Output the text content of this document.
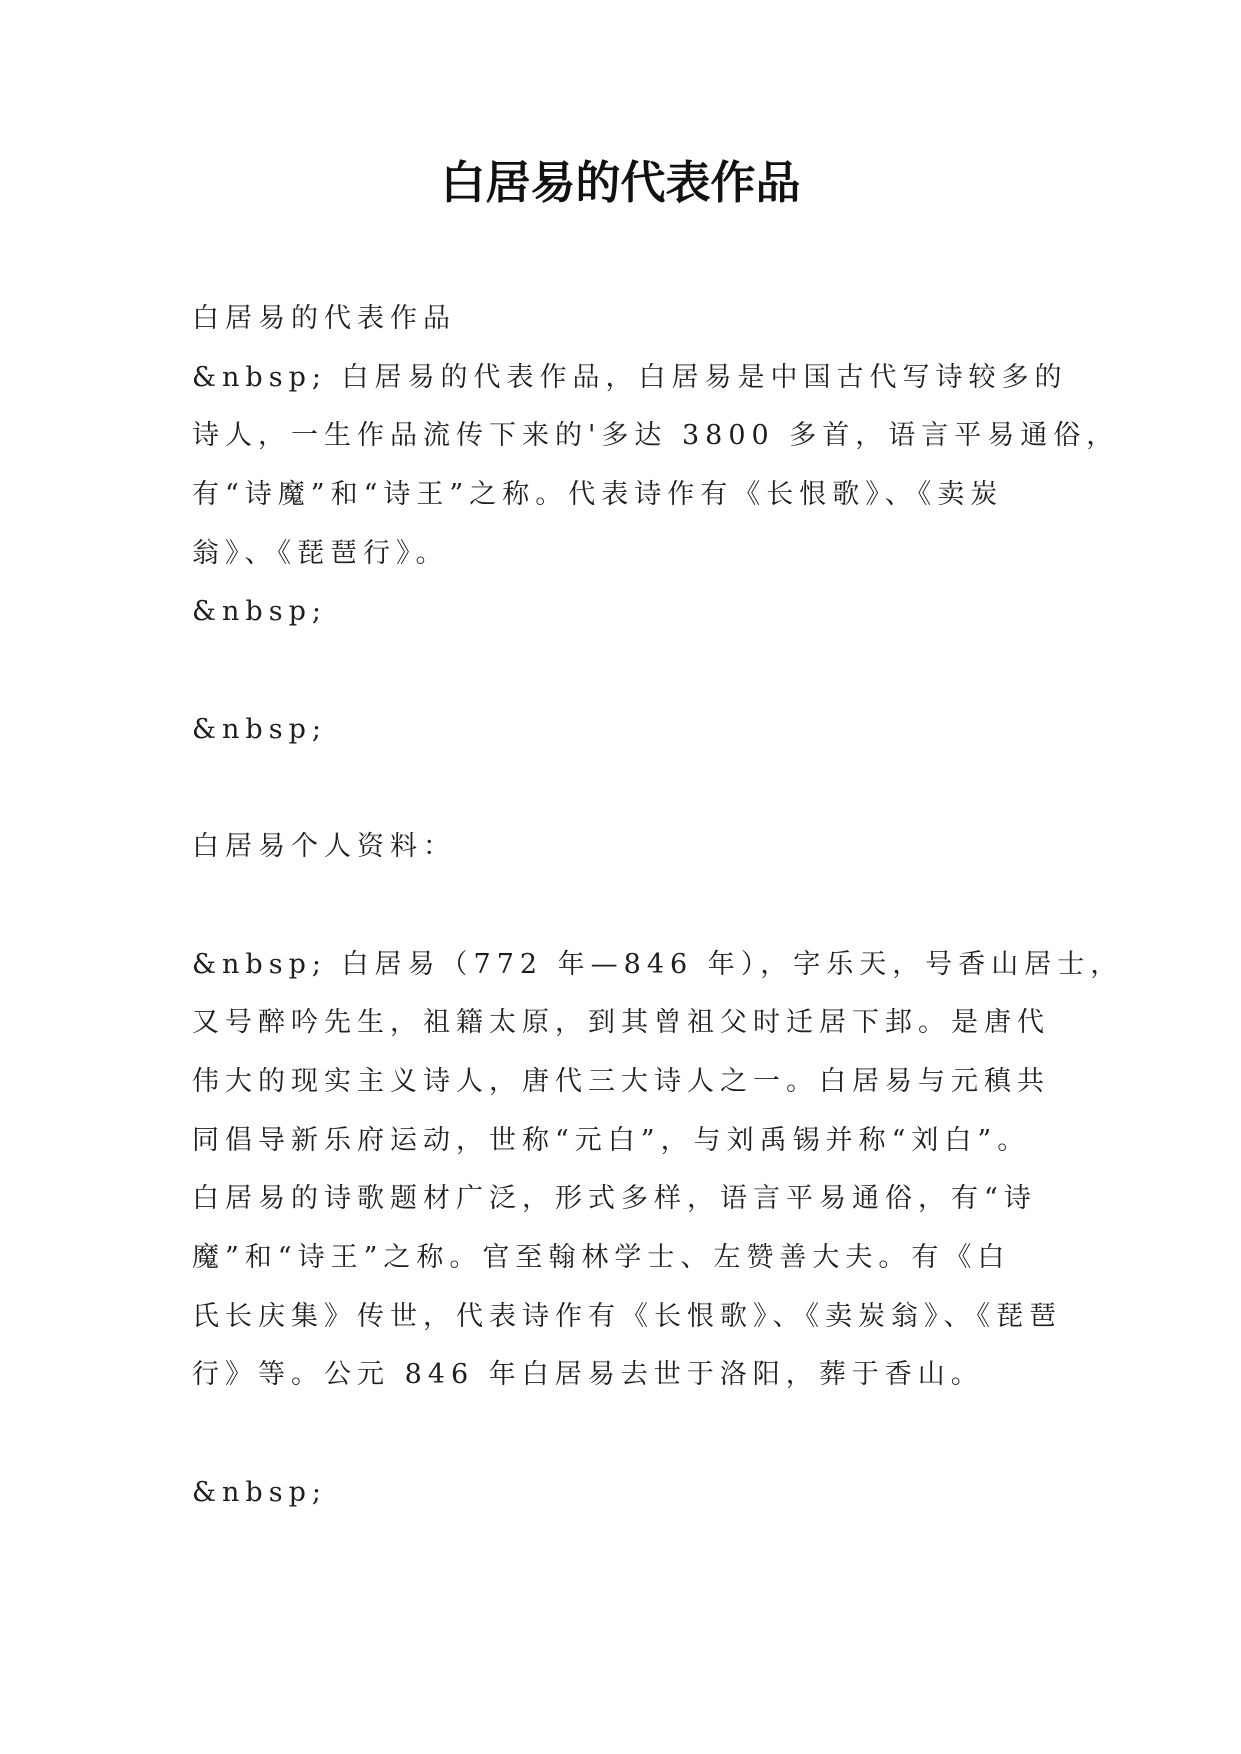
白居易的代表作品
白居易的代表作品
&nbsp; 白居易的代表作品，白居易是中国古代写诗较多的
诗人，一生作品流传下来的'多达 3800 多首，语言平易通俗，
有“诗魔”和“诗王”之称。代表诗作有《长恨歌》、《卖炭
翁》、《琵琶行》。
&nbsp;
&nbsp;
白居易个人资料：
&nbsp; 白居易（772 年—846 年），字乐天，号香山居士，
又号醉吟先生，祖籍太原，到其曾祖父时迁居下邽。是唐代
伟大的现实主义诗人，唐代三大诗人之一。白居易与元稹共
同倡导新乐府运动，世称“元白”，与刘禹锡并称“刘白”。
白居易的诗歌题材广泛，形式多样，语言平易通俗，有“诗
魔”和“诗王”之称。官至翰林学士、左赞善大夫。有《白
氏长庆集》传世，代表诗作有《长恨歌》、《卖炭翁》、《琵琶
行》等。公元 846 年白居易去世于洛阳，葬于香山。
&nbsp;
